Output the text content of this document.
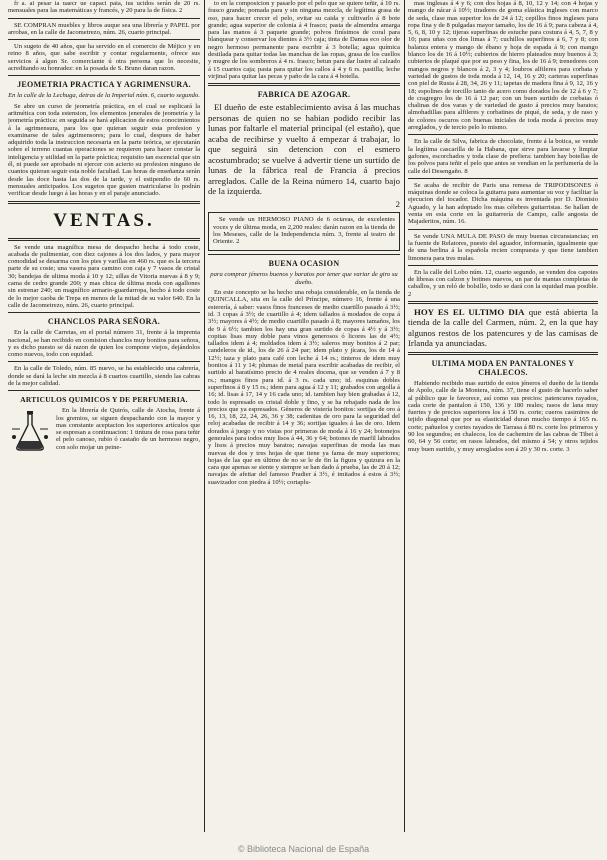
fr a. ai pesar ia uaecr ue capaci paia, ius ucidos serán de 20 rs. mensuales para las matemáticas y francés, y 20 para la de física. 2

SE COMPRAN muebles y libros auque sea una librería y PAPEL por arrobas, en la calle de Jacometrezo, núm. 26, cuarto principal.

Un sugeto de 40 años, que ha servido en el comercio de Méjico y en reino 8 años, que sabe escribir y contar regularmente, ofrece sus servicios á algun Sr. comerciante ú otra persona que lo necesite, acreditando su honradez: en la posada de S. Bruno daran razon.

JEOMETRIA PRACTICA Y AGRIMENSURA.
En la calle de la Lechuga, detras de la Imperial núm. 6, cuarto segundo.

Se abre un curso de jeometría práctica, en el cual se esplicará la aritmética con toda estension, los elementos jenerales de jeometría y la jeometría práctica: en seguida se hará aplicacion de estos conocimientos á la agrimensura, para los que quieran seguir esta profesion y examinarse de tales agrimensores; para lo cual, despues de haber adquirido toda la instruccion necesaria en la parte teórica, se ejecutarán sobre el terreno cuantas operaciones se requieren para hacer constar la inteligencia y utilidad en la parte práctica; requisito tan escencial que sin él, ni puede ser aprobado ni ejercer con acierto su profesion ninguno de cuantos quieran seguir esta noble facultad. Las horas de enseñanza serán desde las doce hasta las dos de la tarde, y el estipendio de 60 rs. mensuales anticipados. Los sugetos que gusten matricularse lo podrán verificar desde luego á las horas y en el paraje anunciado.

VENTAS.

Se vende una magnífica mesa de despacho hecha á todo coste, acabada de pulimentar, con diez cajones á los dos lados, y para mayor comodidad se desarma con los pies y varillas en 460 rs. que es la tercera parte de su coste; una vasera para camino con caja y 7 vasos de cristal 30; bandejas de ultima moda á 10 y 12; sillas de Vitoria nuevas á 8 y 9; cama de cedro grande 200; y mas chica de última moda con agallones sin estrenar 240; un magnífico armario-guardarropa, hecho á todo coste de lo mejor caoba de Trepa en menos de la mitad de su valor 640. En la calle de Jacometrezo, núm. 26, cuarto principal.

CHANCLOS PARA SEÑORA.

En la calle de Carretas, en el portal número 31, frente á la imprenta nacional, se han recibido en comision chanclos muy bonitos para señora, y es dicho puesto se dá razon de quien los compone viejos, dejándolos como nuevos, todo con equidad.

En la calle de Toledo, núm. 85 nuevo, se ha establecido una cabrería, donde se dará la leche sin mezcla á 8 cuartos cuartillo, siendo las cabras de la mejor calidad.

ARTICULOS QUIMICOS Y DE PERFUMERIA.

En la librería de Quirós, calle de Atocha, frente á los gremios, se siguen despachando con la mayor y mas constante aceptacion los superiores artículos que se espresan a continuacion: 1 tintura de rosa para teñir el pelo canoso, rubio ó castaño de un hermoso negro, con solo mojar un peine-

to en la composicion y pasarlo por el pelo que se quiere teñir, á 10 rs. frasco grande; pomada para y sin ninguna mezcla, de legítima grasa de oso, para hacer crecer el pelo, evitar su caida y cultivarlo á 8 bote grande; agua superior de colonia á 4 frasco; pasta de almendra amarga para las manos á 3 paquete grande; polvos finísimos de coral para blanquear y conservar los dientes á 3½ caja; tinta de Damas eco olor de negro hermoso permanente para escribir á 3 botella; agua química destilada para quitar todas las manchas de las ropas, grasa de los cuellos y mugre de los sombreros á 4 rs. frasco; betun para dar lustre al calzado á 15 cuartos caja; pasta para quitar los callos á 4 y 6 rs. pastilla; leche virjinal para quitar las pecas y paño de la cara á 4 botella.

FABRICA DE AZOGAR.

El dueño de este establecimiento avisa á las muchas personas de quien no se habian podido recibir las lunas por faltarle el material principal (el estaño), que acaba de recibirse y vuelto á empezar á trabajar, lo que seguirá sin detencion con el esmero acostumbrado; se vuelve á advertir tiene un surtido de lunas de la fábrica real de Francia á precios arreglados. Calle de la Reina número 14, cuarto bajo de la izquierda.

2

Se vende un HERMOSO PIANO de 6 octavas, de excelentes voces y de última moda, en 2,200 reales: darán razon en la tienda de los Meseses, calle de la Independencia núm. 3, frente al teatro de Oriente. 2

BUENA OCASION
para comprar jéneros buenos y baratos por tener que variar de giro su dueño.

En este concepto se ha hecho una rebaja considerable, en la tienda de QUINCALLA, sita en la calle del Príncipe, número 16, frente á una esterería, á saber: vasos finos franceses de medio cuartillo pasado á 3½; id. 3 copas á 3½; de cuartillo á 4; idem tallados á modados de copa á 3½; mayores á 4½; de medio cuartillo pasado á 8; mayores tamaños, los de 9 á 6½; tambien los hay una gran surtido de copas á 4½ y á 3½; copitas lisas muy doble para vinos generosos ó licores las de 4½; tallados idem á 4; moldados idem á 3½; saleros muy bonitos á 2 par; candeleros de id., los de 26 á 24 par; idem plato y jícara, los de 14 á 12½; taza y plato para café con leche á 14 rs.; tinteros de idem muy bonitos á 11 y 14; plumas de metal para escribir acabadas de recibir, el surtido al baratísimo precio de 4 reales docena, que se venden á 7 y 8 rs.; mangos finos para id. á 3 rs. cada uno; id. esquinas dobles superfinos á 8 y 15 rs.; idem para agua á 12 y 11; grabados con argolla á 16; id. lisas á 17, 14 y 16 cada uno; id. tambien hay bien grabadas á 12, todo lo espresado es cristal doble y fino, y se ha rebajado nada de los precios que ya espresados. Géneros de vistería bonitos: sortijas de oro á 16, 13, 18, 22, 24, 26, 36 y 38; cadenitas de oro para la seguridad del reloj acabadas de recibir á 14 y 36; sortijas iguales á las de oro. Idem dorados á juego y no vistas por primeras de moda á 16 y 24; botonejos generales para todos muy lisos á 44, 36 y 64; botones de marfil labrados y lisos á precios muy baratos; navajas superfinas de moda las mas nuevas de dos y tres hojas de que tiene ya fama de muy superiores; hojas de las que en último de no se le de fin la figura y quizura en la cara que apenas se siente y siempre se han dado á prueba, las de 20 á 12; navajas de afeitar del famoso Pradier á 3½, é imitados á estos á 3½; suavizador con piedra á 10½; cortaplu-

mas inglesas á 4 y 6; con dos hojas á 8, 10, 12 y 14; con 4 hojas y mango de nácar á 10½; tiradores de goma elástica ingleses con marco de seda, clase mas superior los de 24 á 12; cepillos finos ingleses para ropa fina y de 8 pulgadas mayor tamaño, los de 16 á 9; para cabeza á 4, 5, 6, 8, 10 y 12; tijeras superfinas de estuche para costura á 4, 5, 7, 8 y 10; para uñas con dos limas á 7; cuchillos superfinos á 6, 7 y 8; con balanza entera y mango de ébano y hoja de espada á 9; con mango blanco los de 16 á 10½; cubiertos de hierro plateados muy buenos á 3; cubiertos de plaqué que por su peso y fina, los de 16 á 9; trenedores con mangos negros y blancos á 2, 3 y 4; loubros alfileres para corbata y variedad de gustos de toda moda á 12, 14, 16 y 20; carteras superfinas con piel de Rusia á 28, 34, 26 y 11; tapetas de madera fina á 9, 12, 16 y 18; espolines de torcillo tanto de acero como dorados los de 12 á 6 y 7; de cragregro los de 16 á 12 par; con un buen surtido de corbatas ó chalinas de dos varas y de variedad de gusto á precios muy baratos; almohadillas para alfileres y corbatines de piqué, de seda, y de raso y de colores oscuros con buenas iniciales de toda moda á precios muy arreglados, y de tercio pelo lo mismo.

En la calle de Silva, fabrica de chocolate, frente á la botica, se vende la legítima cascarilla de la Habana, que sirve para lavarse y limpiar gafones, escorchados y toda clase de prefiera: tambien hay botellas de los polvos para teñir el pelo que antes se vendian en la perfumería de la calle del Desengaño. 8

Se acaba de recibir de Paris una remesa de TRIPODISONES ó máquinas donde se coloca la guitarra para aumentar su voz y facilitar la ejecucion del tocador. Dicha máquina es inventada por D. Dionisio Aguado, y la han adoptado los mas célebres guitarristas. Se hallan de venta en esta corte en la guitarrería de Campo, calle angosta de Majaderitos, núm. 16.

Se vende UNA MULA DE PASO de muy buenas circunstancias; en la fuente de Relatores, puesto del aguador, informarán, igualmente que de una berlina á la española recien compuesta y que tiene tambien limonera para tres mulas.

En la calle del Lobo núm. 12, cuarto segundo, se venden dos capotes de libreas con calzon y botines nuevos, un par de mantas completas de caballos, y un reló de bolsillo, todo se dará con la equidad mas posible. 2

HOY ES EL ULTIMO DIA que está abierta la tienda de la calle del Carmen, núm. 2, en la que hay algunos restos de los patencures y de las camisas de Irlanda ya anunciadas.

ULTIMA MODA EN PANTALONES Y CHALECOS.

Habiendo recibido mas surtido de estos jéneros el dueño de la tienda de Apolo, calle de la Montera, núm. 37, tiene el gusto de hacerlo saber al público que le favorece, así como sus precios: patencures rayados, cada corte de pantalon á 150, 136 y 180 reales; rasos de lana muy fuertes y de precios superiores los á 150 rs. corte; cueros casimires de tejido diagonal que por su elasticidad duran mucho tiempo á 165 rs. corte; pañuelos y cortes rayados de Tarrasa á 80 rs. corte los primeros y 90 los segundos; en chalecos, los de cachemire de las cabras de Tibet á 60, 64 y 56 corte; en rasos labrados, del mismo á 54; y otros tejidos muy buen surtido, y muy arreglados son á 20 y 30 rs. corte. 3

© Biblioteca Nacional de España
